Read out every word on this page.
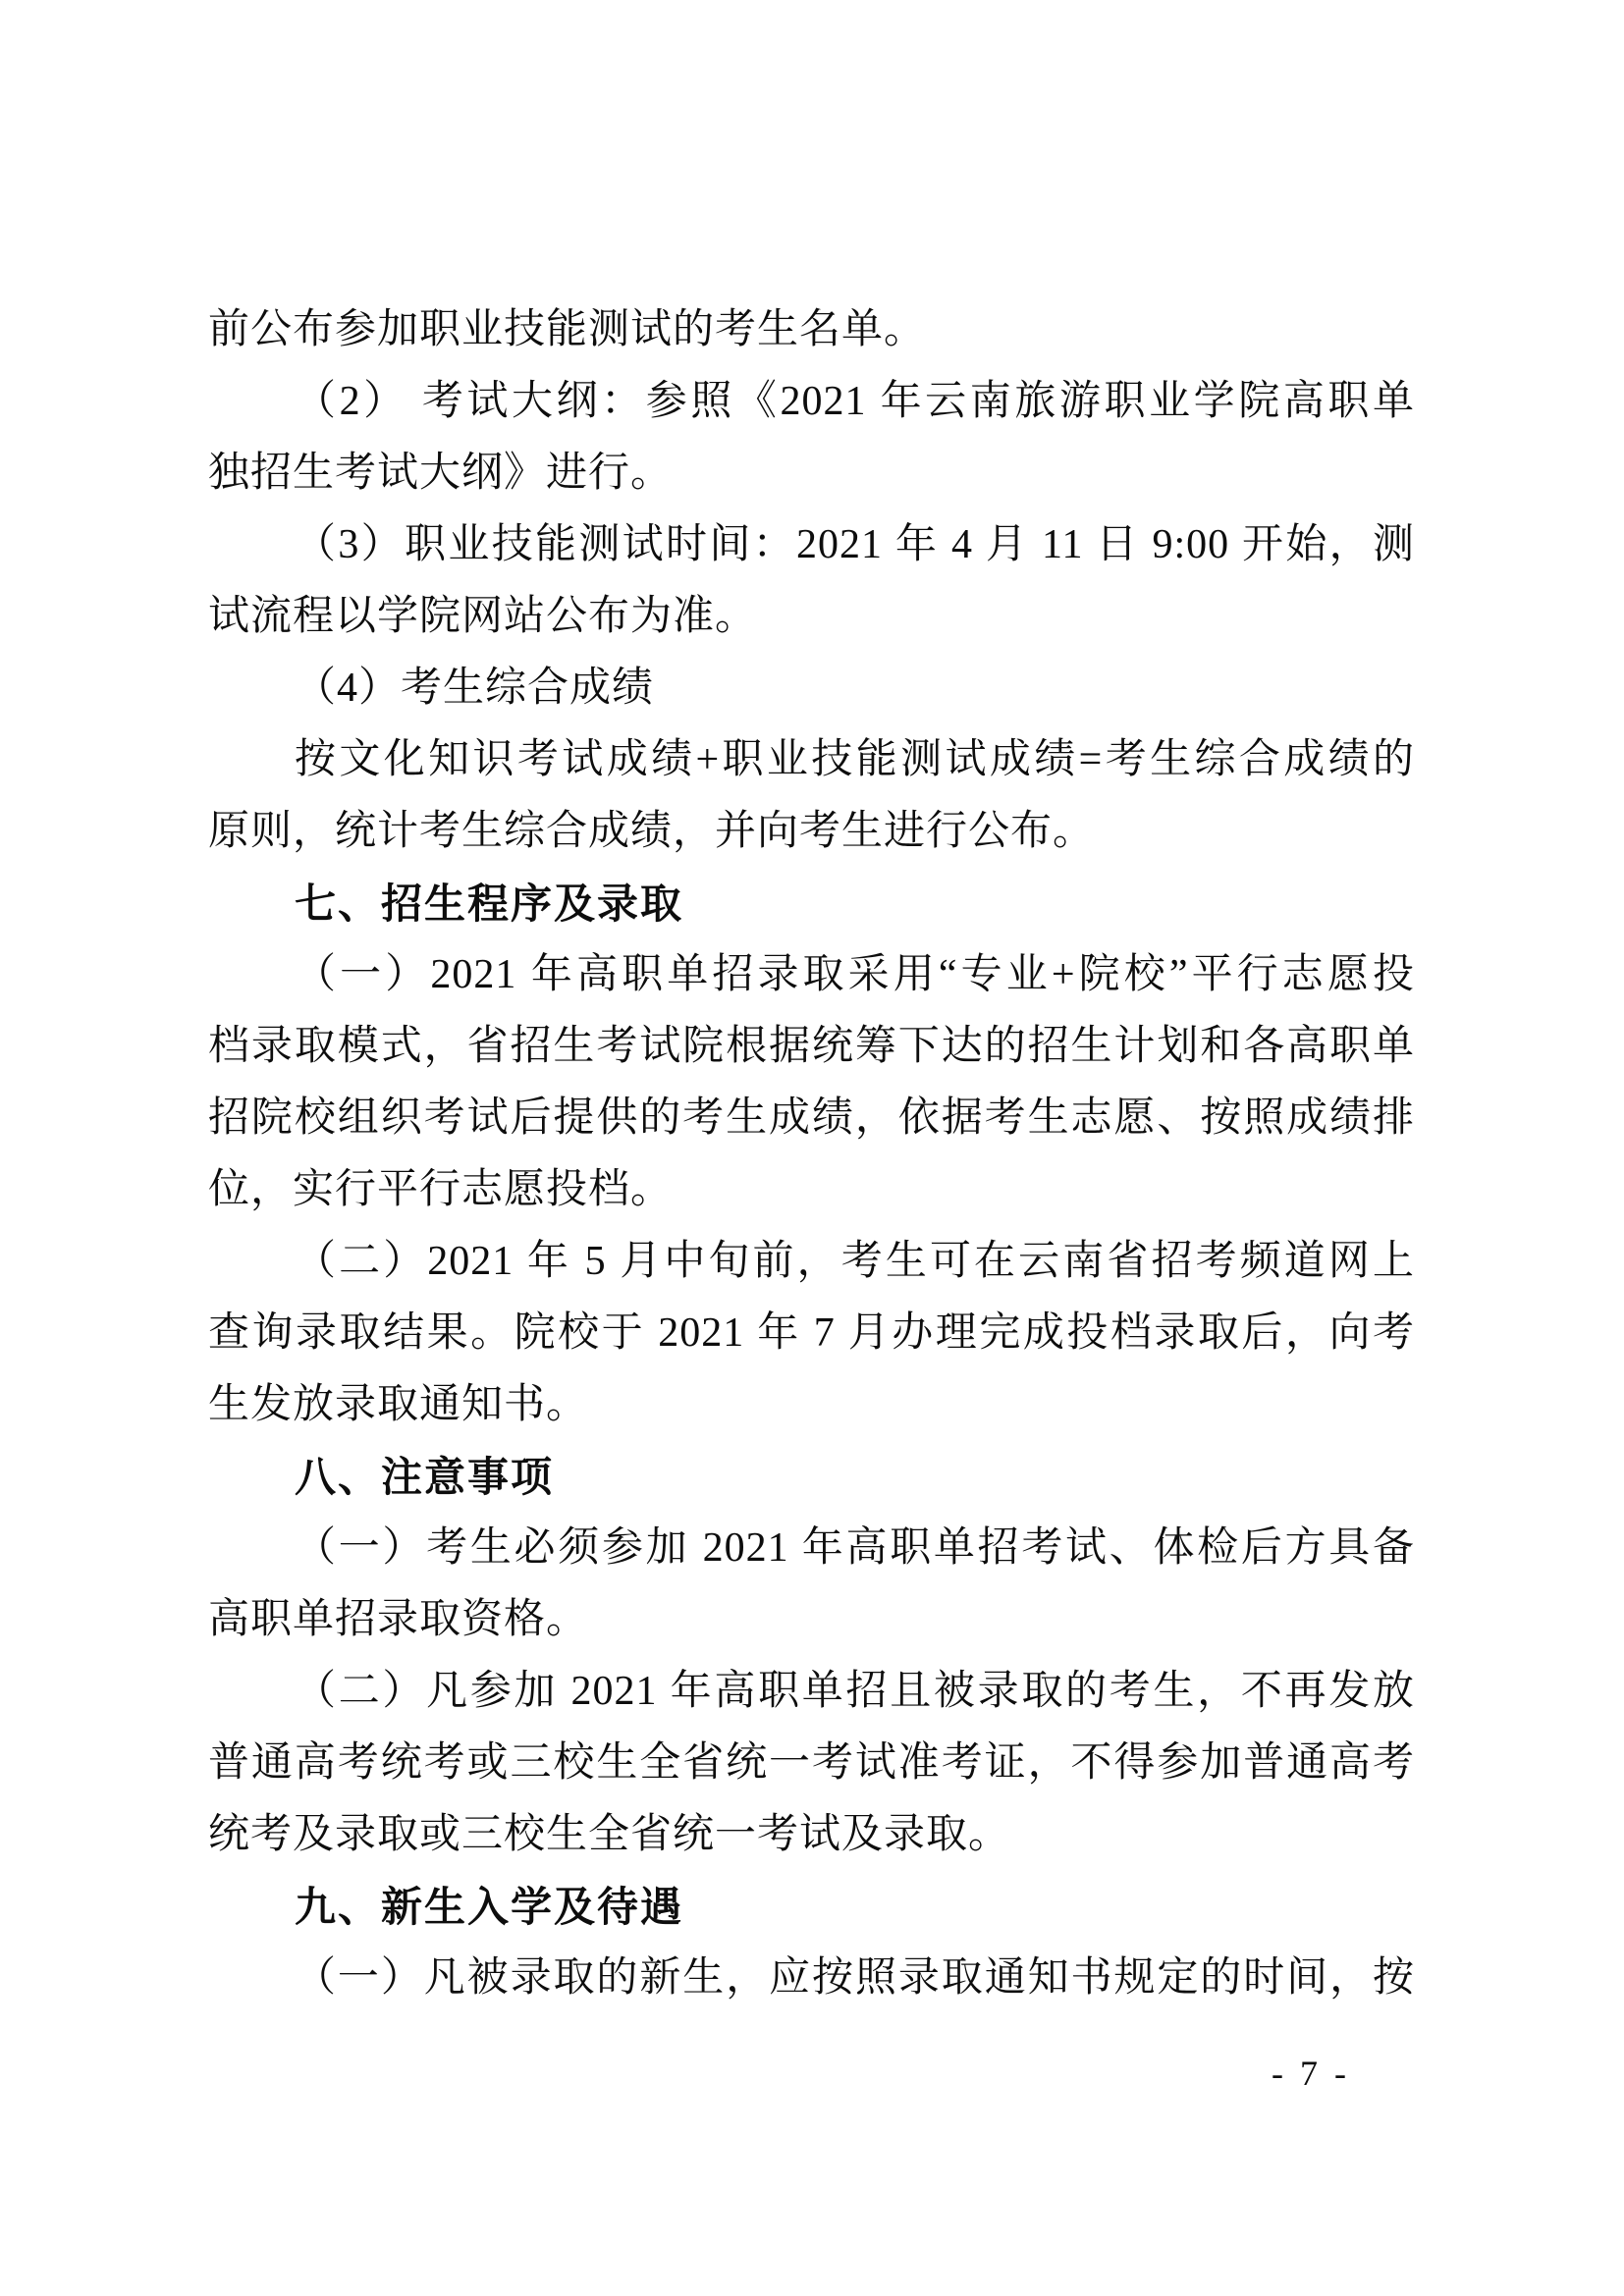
前公布参加职业技能测试的考生名单。
（2） 考试大纲：参照《2021 年云南旅游职业学院高职单
独招生考试大纲》进行。
（3）职业技能测试时间：2021 年 4 月 11 日 9:00 开始，测
试流程以学院网站公布为准。
（4）考生综合成绩
按文化知识考试成绩+职业技能测试成绩=考生综合成绩的
原则，统计考生综合成绩，并向考生进行公布。
七、招生程序及录取
（一）2021 年高职单招录取采用“专业+院校”平行志愿投
档录取模式，省招生考试院根据统筹下达的招生计划和各高职单
招院校组织考试后提供的考生成绩，依据考生志愿、按照成绩排
位，实行平行志愿投档。
（二）2021 年 5 月中旬前，考生可在云南省招考频道网上
查询录取结果。院校于 2021 年 7 月办理完成投档录取后，向考
生发放录取通知书。
八、注意事项
（一）考生必须参加 2021 年高职单招考试、体检后方具备
高职单招录取资格。
（二）凡参加 2021 年高职单招且被录取的考生，不再发放
普通高考统考或三校生全省统一考试准考证，不得参加普通高考
统考及录取或三校生全省统一考试及录取。
九、新生入学及待遇
（一）凡被录取的新生，应按照录取通知书规定的时间，按
- 7 -
